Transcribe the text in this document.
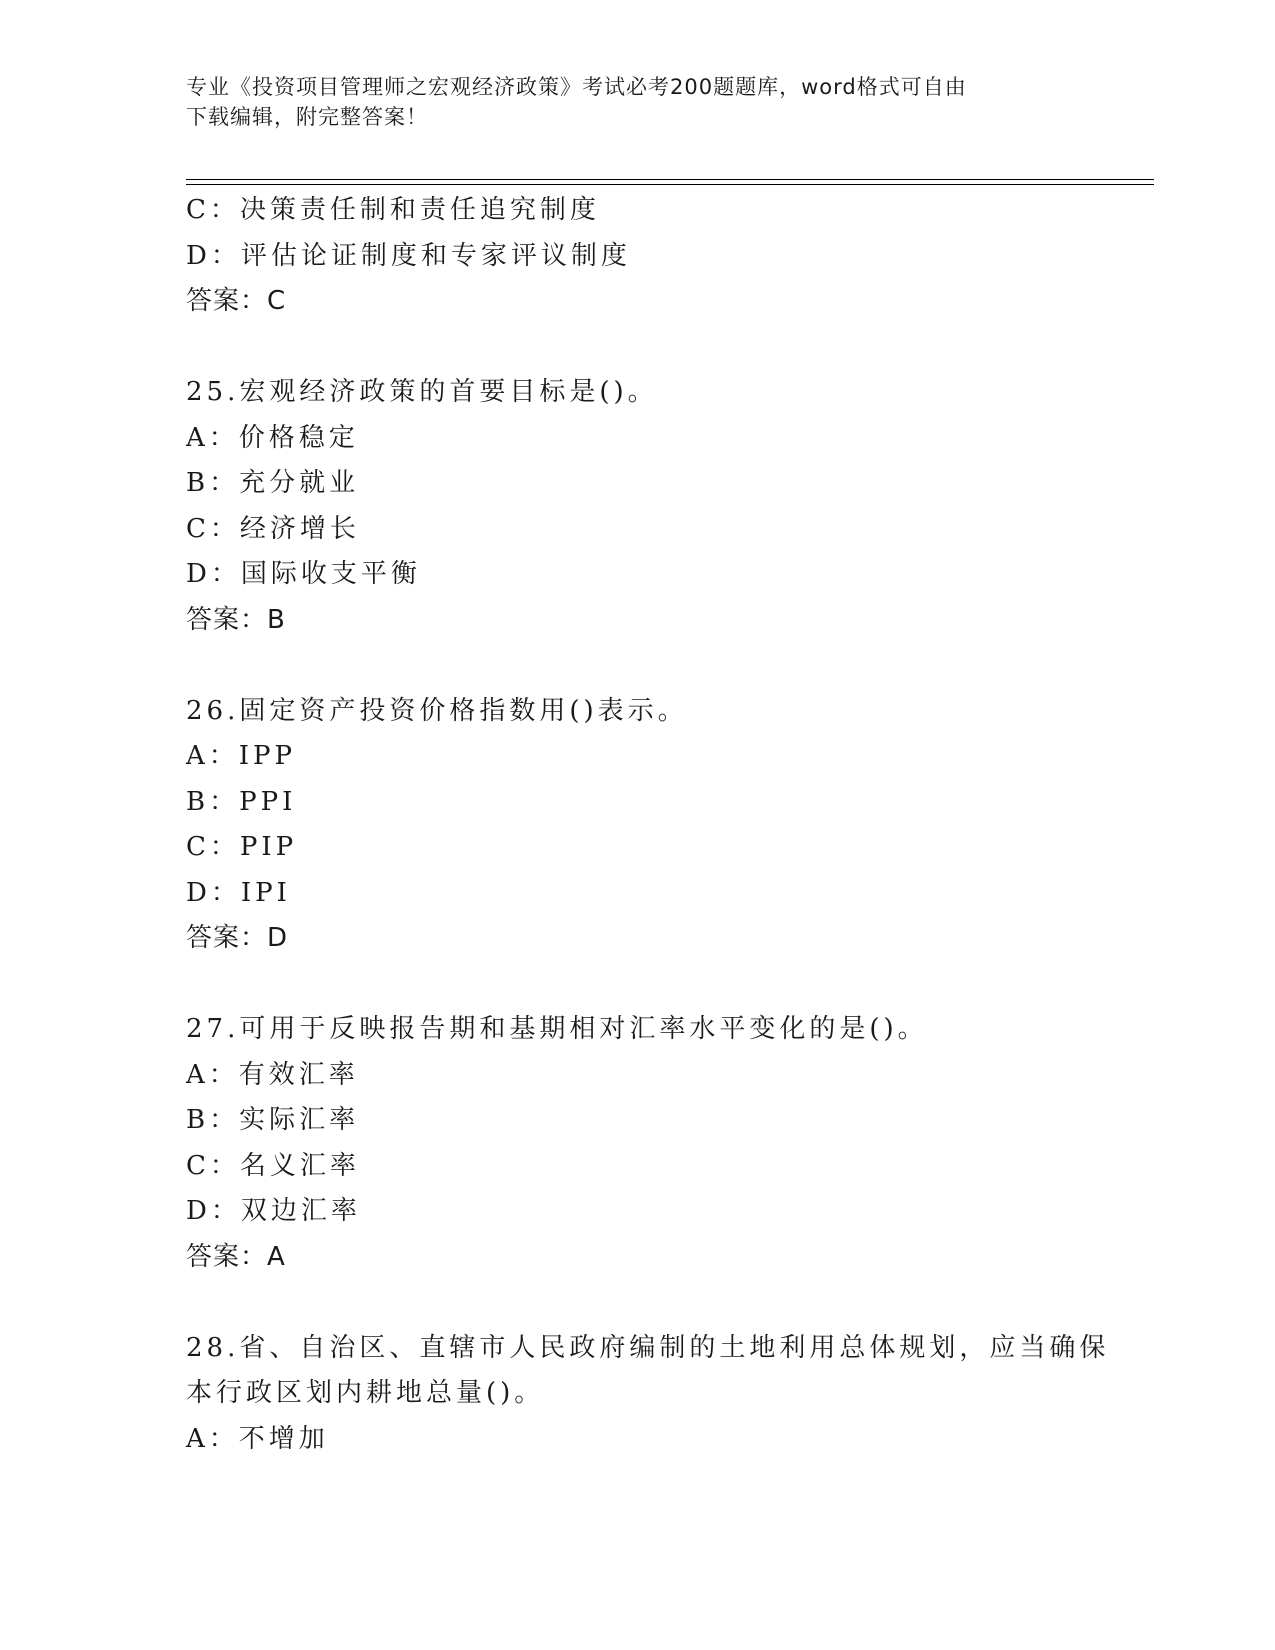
专业《投资项目管理师之宏观经济政策》考试必考200题题库，word格式可自由
下载编辑，附完整答案！
C：决策责任制和责任追究制度
D：评估论证制度和专家评议制度
答案：C
25.宏观经济政策的首要目标是()。
A：价格稳定
B：充分就业
C：经济增长
D：国际收支平衡
答案：B
26.固定资产投资价格指数用()表示。
A：IPP
B：PPI
C：PIP
D：IPI
答案：D
27.可用于反映报告期和基期相对汇率水平变化的是()。
A：有效汇率
B：实际汇率
C：名义汇率
D：双边汇率
答案：A
28.省、自治区、直辖市人民政府编制的土地利用总体规划，应当确保
本行政区划内耕地总量()。
A：不增加
